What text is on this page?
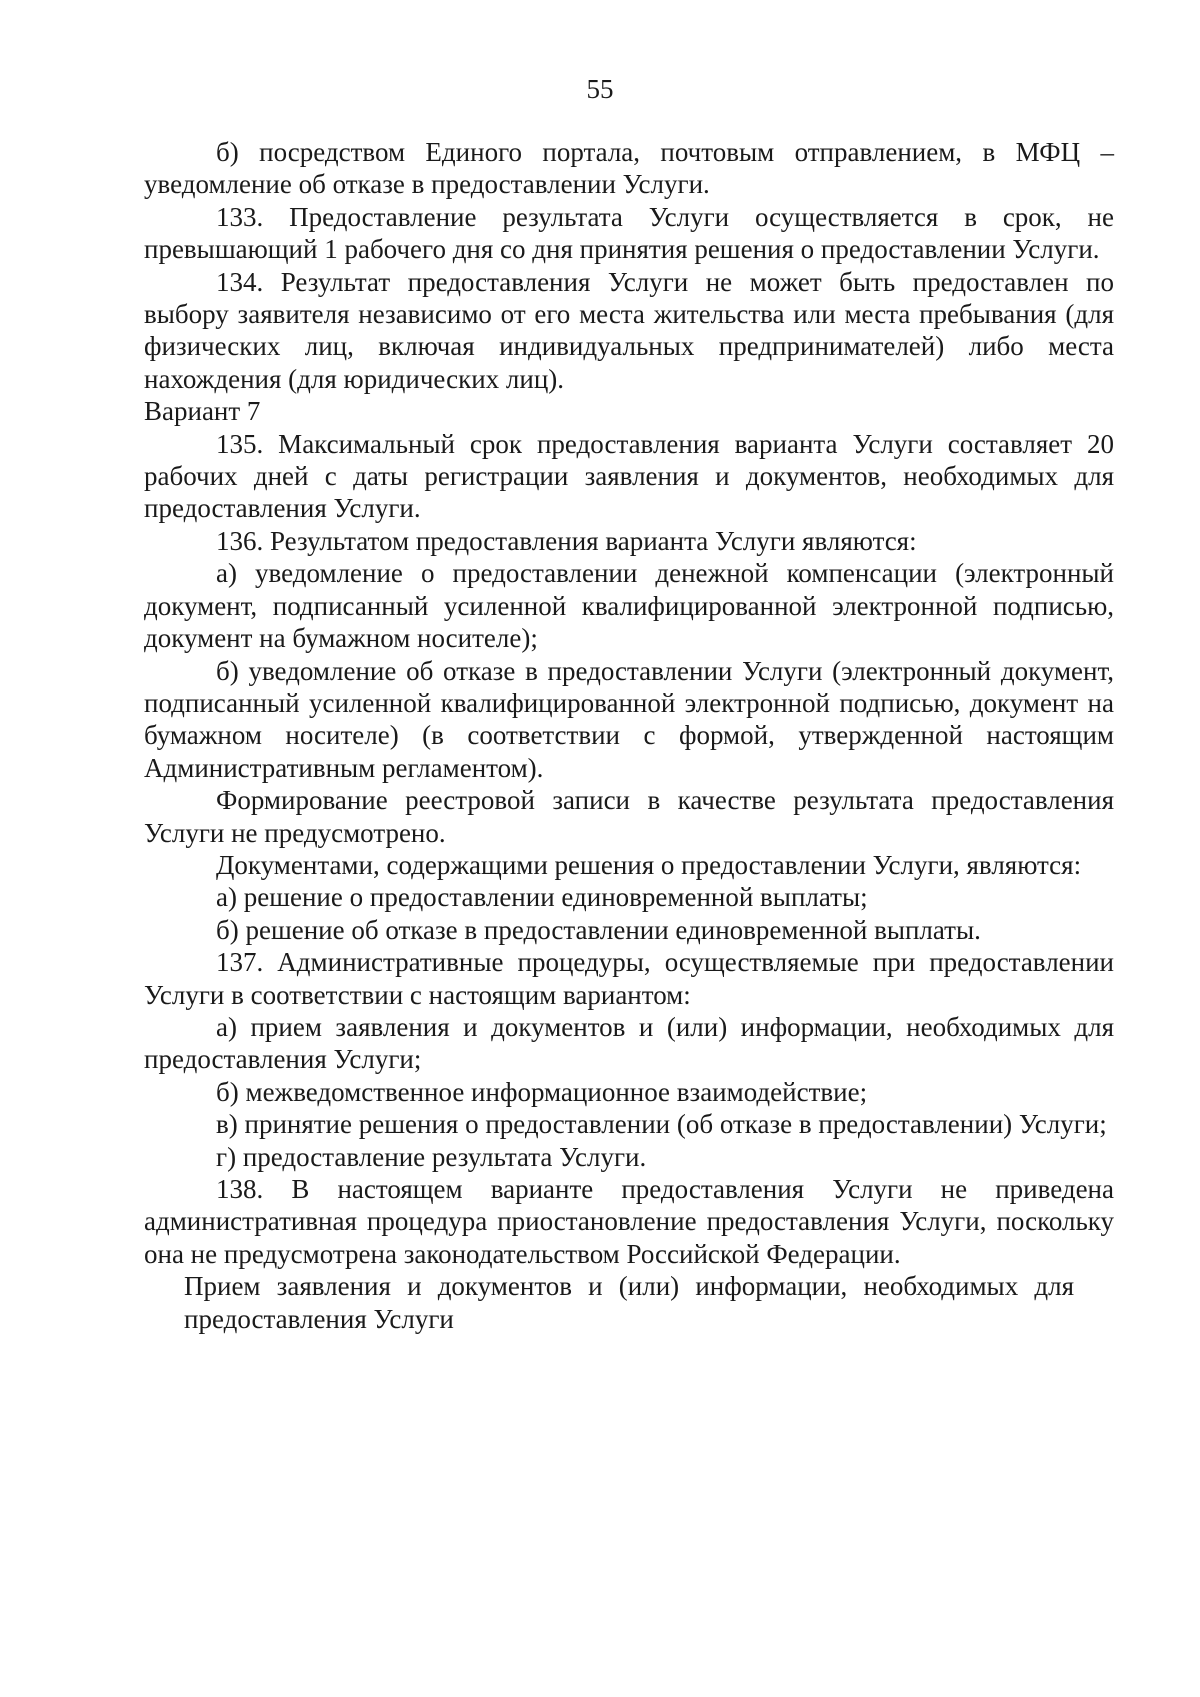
55

б) посредством Единого портала, почтовым отправлением, в МФЦ – уведомление об отказе в предоставлении Услуги.

133. Предоставление результата Услуги осуществляется в срок, не превышающий 1 рабочего дня со дня принятия решения о предоставлении Услуги.

134. Результат предоставления Услуги не может быть предоставлен по выбору заявителя независимо от его места жительства или места пребывания (для физических лиц, включая индивидуальных предпринимателей) либо места нахождения (для юридических лиц).

Вариант 7

135. Максимальный срок предоставления варианта Услуги составляет 20 рабочих дней с даты регистрации заявления и документов, необходимых для предоставления Услуги.

136. Результатом предоставления варианта Услуги являются:

а) уведомление о предоставлении денежной компенсации (электронный документ, подписанный усиленной квалифицированной электронной подписью, документ на бумажном носителе);

б) уведомление об отказе в предоставлении Услуги (электронный документ, подписанный усиленной квалифицированной электронной подписью, документ на бумажном носителе) (в соответствии с формой, утвержденной настоящим Административным регламентом).

Формирование реестровой записи в качестве результата предоставления Услуги не предусмотрено.

Документами, содержащими решения о предоставлении Услуги, являются:

а) решение о предоставлении единовременной выплаты;

б) решение об отказе в предоставлении единовременной выплаты.

137. Административные процедуры, осуществляемые при предоставлении Услуги в соответствии с настоящим вариантом:

а) прием заявления и документов и (или) информации, необходимых для предоставления Услуги;

б) межведомственное информационное взаимодействие;

в) принятие решения о предоставлении (об отказе в предоставлении) Услуги;

г) предоставление результата Услуги.

138. В настоящем варианте предоставления Услуги не приведена административная процедура приостановление предоставления Услуги, поскольку она не предусмотрена законодательством Российской Федерации.

Прием заявления и документов и (или) информации, необходимых для предоставления Услуги
